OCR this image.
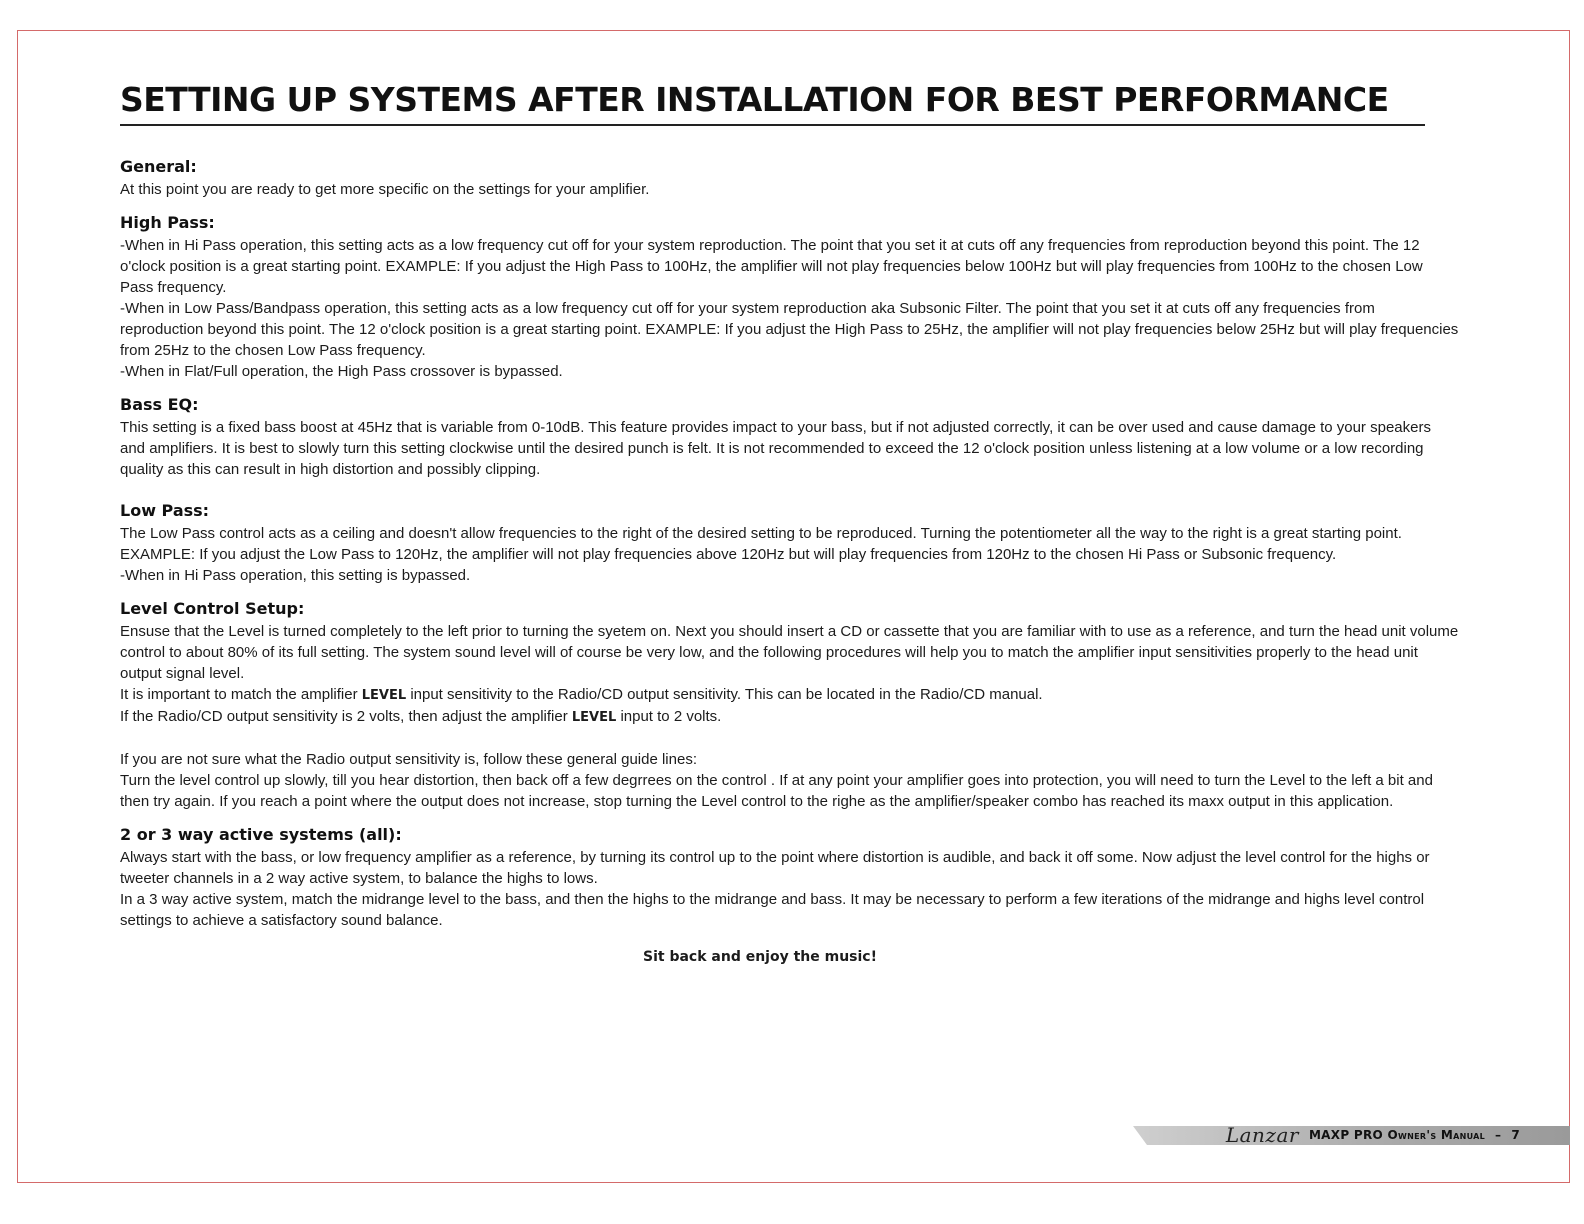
SETTING UP SYSTEMS AFTER INSTALLATION FOR BEST PERFORMANCE
General:

At this point you are ready to get more specific on the settings for your amplifier.

High Pass:

-When in Hi Pass operation, this setting acts as a low frequency cut off for your system reproduction. The point that you set it at cuts off any frequencies from reproduction beyond this point. The 12 o'clock position is a great starting point. EXAMPLE: If you adjust the High Pass to 100Hz, the amplifier will not play frequencies below 100Hz but will play frequencies from 100Hz to the chosen Low Pass frequency.

-When in Low Pass/Bandpass operation, this setting acts as a low frequency cut off for your system reproduction aka Subsonic Filter. The point that you set it at cuts off any frequencies from reproduction beyond this point. The 12 o'clock position is a great starting point. EXAMPLE: If you adjust the High Pass to 25Hz, the amplifier will not play frequencies below 25Hz but will play frequencies from 25Hz to the chosen Low Pass frequency.

-When in Flat/Full operation, the High Pass crossover is bypassed.

Bass EQ:

This setting is a fixed bass boost at 45Hz that is variable from 0-10dB. This feature provides impact to your bass, but if not adjusted correctly, it can be over used and cause damage to your speakers and amplifiers. It is best to slowly turn this setting clockwise until the desired punch is felt. It is not recommended to exceed the 12 o'clock position unless listening at a low volume or a low recording quality as this can result in high distortion and possibly clipping.

Low Pass:

The Low Pass control acts as a ceiling and doesn't allow frequencies to the right of the desired setting to be reproduced. Turning the potentiometer all the way to the right is a great starting point. EXAMPLE: If you adjust the Low Pass to 120Hz, the amplifier will not play frequencies above 120Hz but will play frequencies from 120Hz to the chosen Hi Pass or Subsonic frequency.

-When in Hi Pass operation, this setting is bypassed.

Level Control Setup:

Ensuse that the Level is turned completely to the left prior to turning the syetem on. Next you should insert a CD or cassette that you are familiar with to use as a reference, and turn the head unit volume control to about 80% of its full setting. The system sound level will of course be very low, and the following procedures will help you to match the amplifier input sensitivities properly to the head unit output signal level.

It is important to match the amplifier LEVEL input sensitivity to the Radio/CD output sensitivity. This can be located in the Radio/CD manual.

If the Radio/CD output sensitivity is 2 volts, then adjust the amplifier LEVEL input to 2 volts.

If you are not sure what the Radio output sensitivity is, follow these general guide lines:

Turn the level control up slowly, till you hear distortion, then back off a few degrrees on the control . If at any point your amplifier goes into protection, you will need to turn the Level to the left a bit and then try again. If you reach a point where the output does not increase, stop turning the Level control to the righe as the amplifier/speaker combo has reached its maxx output in this application.

2 or 3 way active systems (all):

Always start with the bass, or low frequency amplifier as a reference, by turning its control up to the point where distortion is audible, and back it off some. Now adjust the level control for the highs or tweeter channels in a 2 way active system, to balance the highs to lows.

In a 3 way active system, match the midrange level to the bass, and then the highs to the midrange and bass. It may be necessary to perform a few iterations of the midrange and highs level control settings to achieve a satisfactory sound balance.

Sit back and enjoy the music!
Lanzar MAXP PRO Owner's Manual – 7
